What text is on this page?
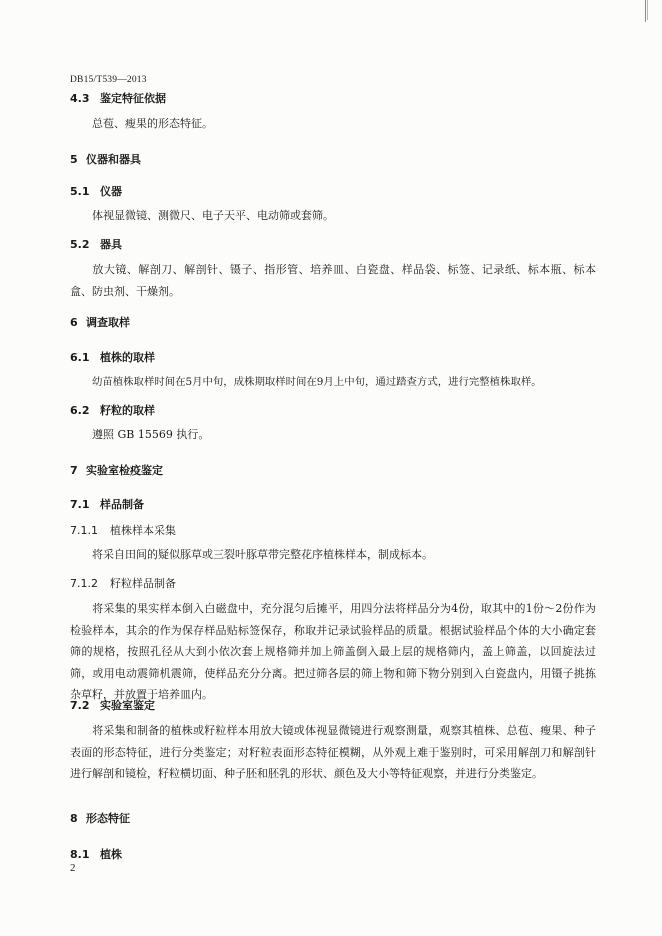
DB15/T539—2013
4.3 鉴定特征依据
总苞、瘦果的形态特征。
5 仪器和器具
5.1 仪器
体视显微镜、测微尺、电子天平、电动筛或套筛。
5.2 器具
放大镜、解剖刀、解剖针、镊子、指形管、培养皿、白瓷盘、样品袋、标签、记录纸、标本瓶、标本盒、防虫剂、干燥剂。
6 调查取样
6.1 植株的取样
幼苗植株取样时间在5月中旬，成株期取样时间在9月上中旬，通过踏查方式，进行完整植株取样。
6.2 籽粒的取样
遵照 GB 15569 执行。
7 实验室检疫鉴定
7.1 样品制备
7.1.1 植株样本采集
将采自田间的疑似豚草或三裂叶豚草带完整花序植株样本，制成标本。
7.1.2 籽粒样品制备
将采集的果实样本倒入白磁盘中，充分混匀后摊平，用四分法将样品分为4份，取其中的1份～2份作为检验样本，其余的作为保存样品贴标签保存，称取并记录试验样品的质量。根据试验样品个体的大小确定套筛的规格，按照孔径从大到小依次套上规格筛并加上筛盖倒入最上层的规格筛内，盖上筛盖，以回旋法过筛，或用电动震筛机震筛，使样品充分分离。把过筛各层的筛上物和筛下物分别到入白瓷盘内，用镊子挑拣杂草籽，并放置于培养皿内。
7.2 实验室鉴定
将采集和制备的植株或籽粒样本用放大镜或体视显微镜进行观察测量，观察其植株、总苞、瘦果、种子表面的形态特征，进行分类鉴定；对籽粒表面形态特征模糊，从外观上难于鉴别时，可采用解剖刀和解剖针进行解剖和镜检，籽粒横切面、种子胚和胚乳的形状、颜色及大小等特征观察，并进行分类鉴定。
8 形态特征
8.1 植株
2
